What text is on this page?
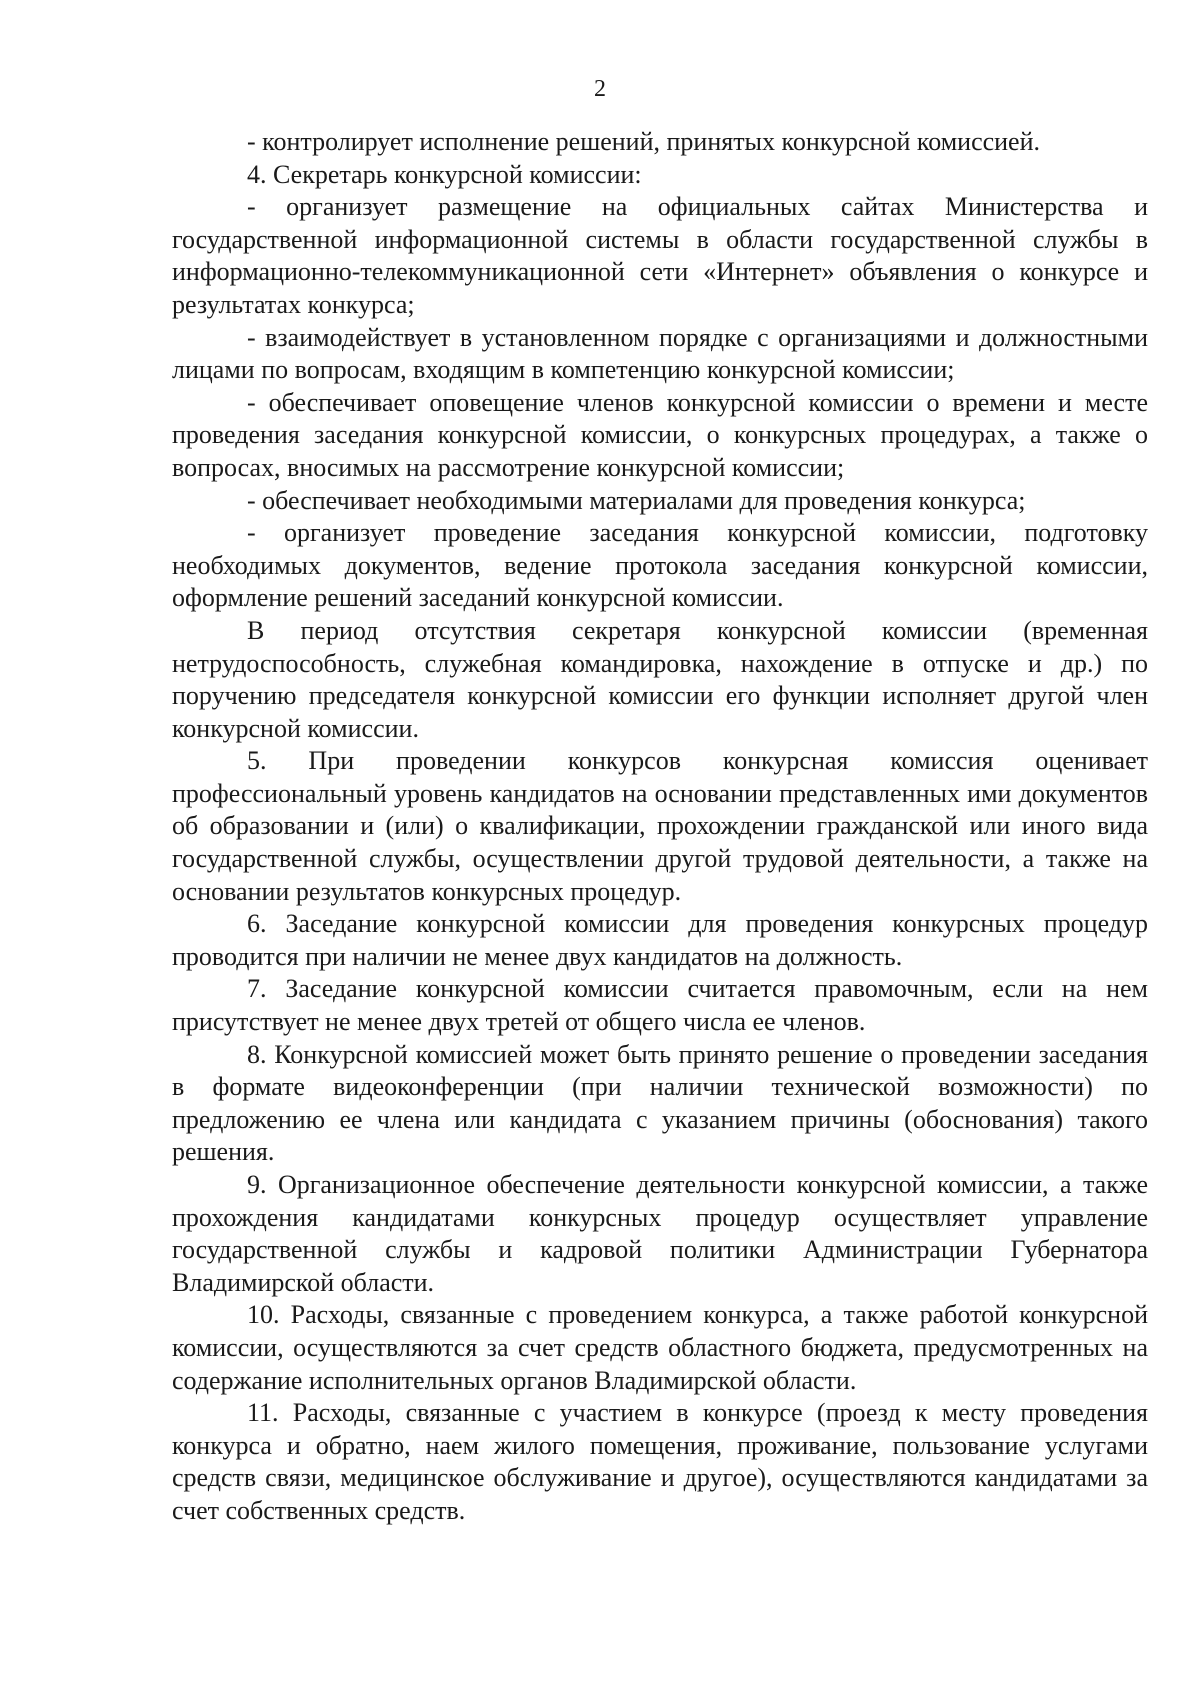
2

- контролирует исполнение решений, принятых конкурсной комиссией.

4. Секретарь конкурсной комиссии:

- организует размещение на официальных сайтах Министерства и государственной информационной системы в области государственной службы в информационно-телекоммуникационной сети «Интернет» объявления о конкурсе и результатах конкурса;

- взаимодействует в установленном порядке с организациями и должностными лицами по вопросам, входящим в компетенцию конкурсной комиссии;

- обеспечивает оповещение членов конкурсной комиссии о времени и месте проведения заседания конкурсной комиссии, о конкурсных процедурах, а также о вопросах, вносимых на рассмотрение конкурсной комиссии;

- обеспечивает необходимыми материалами для проведения конкурса;

- организует проведение заседания конкурсной комиссии, подготовку необходимых документов, ведение протокола заседания конкурсной комиссии, оформление решений заседаний конкурсной комиссии.

В период отсутствия секретаря конкурсной комиссии (временная нетрудоспособность, служебная командировка, нахождение в отпуске и др.) по поручению председателя конкурсной комиссии его функции исполняет другой член конкурсной комиссии.

5. При проведении конкурсов конкурсная комиссия оценивает профессиональный уровень кандидатов на основании представленных ими документов об образовании и (или) о квалификации, прохождении гражданской или иного вида государственной службы, осуществлении другой трудовой деятельности, а также на основании результатов конкурсных процедур.

6. Заседание конкурсной комиссии для проведения конкурсных процедур проводится при наличии не менее двух кандидатов на должность.

7. Заседание конкурсной комиссии считается правомочным, если на нем присутствует не менее двух третей от общего числа ее членов.

8. Конкурсной комиссией может быть принято решение о проведении заседания в формате видеоконференции (при наличии технической возможности) по предложению ее члена или кандидата с указанием причины (обоснования) такого решения.

9. Организационное обеспечение деятельности конкурсной комиссии, а также прохождения кандидатами конкурсных процедур осуществляет управление государственной службы и кадровой политики Администрации Губернатора Владимирской области.

10. Расходы, связанные с проведением конкурса, а также работой конкурсной комиссии, осуществляются за счет средств областного бюджета, предусмотренных на содержание исполнительных органов Владимирской области.

11. Расходы, связанные с участием в конкурсе (проезд к месту проведения конкурса и обратно, наем жилого помещения, проживание, пользование услугами средств связи, медицинское обслуживание и другое), осуществляются кандидатами за счет собственных средств.
